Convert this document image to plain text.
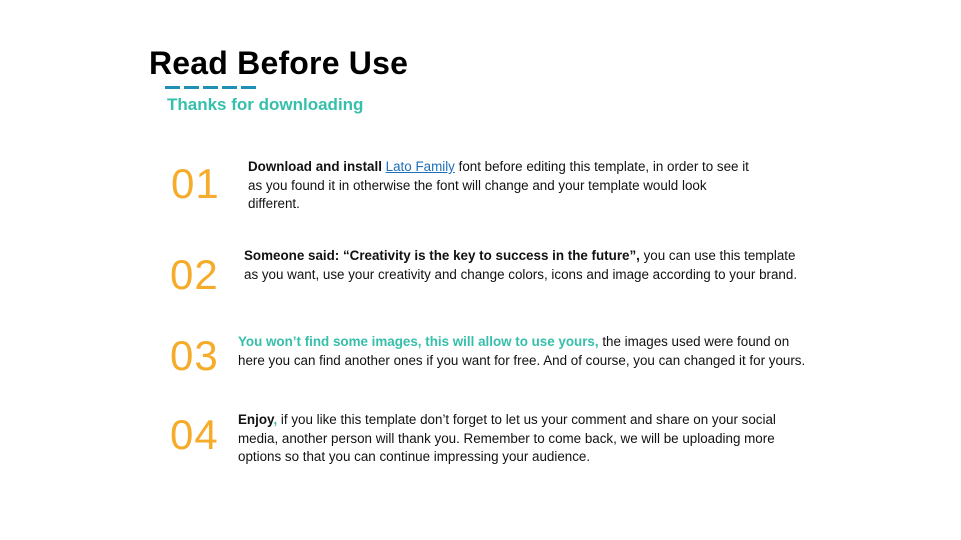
Read Before Use
Thanks for downloading
01 Download and install Lato Family font before editing this template, in order to see it as you found it in otherwise the font will change and your template would look different.
02 Someone said: “Creativity is the key to success in the future”, you can use this template as you want, use your creativity and change colors, icons and image according to your brand.
03 You won’t find some images, this will allow to use yours, the images used were found on here you can find another ones if you want for free. And of course, you can changed it for yours.
04 Enjoy, if you like this template don’t forget to let us your comment and share on your social media, another person will thank you. Remember to come back, we will be uploading more options so that you can continue impressing your audience.
